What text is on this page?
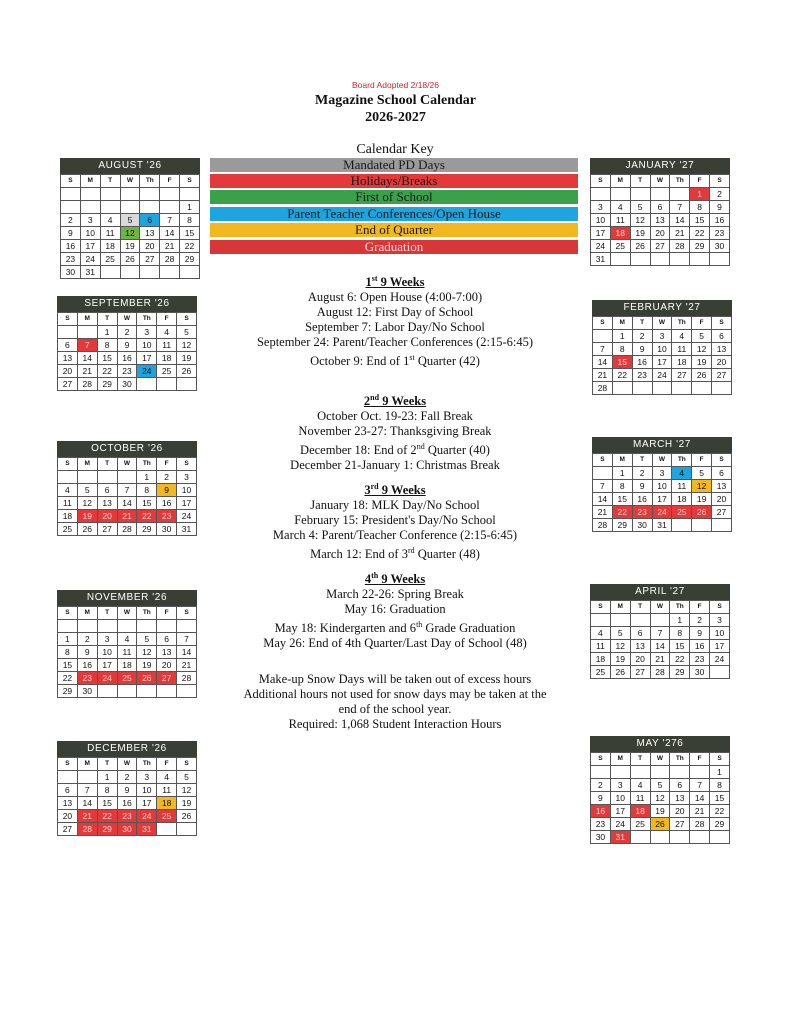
Board Adopted 2/18/26
Magazine School Calendar
2026-2027
Calendar Key
Mandated PD Days
Holidays/Breaks
First of School
Parent Teacher Conferences/Open House
End of Quarter
Graduation
AUGUST '26
S	M	T	W	Th	F	S

						1
2	3	4	5	6	7	8
9	10	11	12	13	14	15
16	17	18	19	20	21	22
23	24	25	26	27	28	29
30	31					
SEPTEMBER '26
S	M	T	W	Th	F	S
		1	2	3	4	5
6	7	8	9	10	11	12
13	14	15	16	17	18	19
20	21	22	23	24	25	26
27	28	29	30			
OCTOBER '26
S	M	T	W	Th	F	S
				1	2	3
4	5	6	7	8	9	10
11	12	13	14	15	16	17
18	19	20	21	22	23	24
25	26	27	28	29	30	31
NOVEMBER '26
S	M	T	W	Th	F	S

1	2	3	4	5	6	7
8	9	10	11	12	13	14
15	16	17	18	19	20	21
22	23	24	25	26	27	28
29	30					
DECEMBER '26
S	M	T	W	Th	F	S
		1	2	3	4	5
6	7	8	9	10	11	12
13	14	15	16	17	18	19
20	21	22	23	24	25	26
27	28	29	30	31		
JANUARY '27
S	M	T	W	Th	F	S
					1	2
3	4	5	6	7	8	9
10	11	12	13	14	15	16
17	18	19	20	21	22	23
24	25	26	27	28	29	30
31						
FEBRUARY '27
S	M	T	W	Th	F	S
	1	2	3	4	5	6
7	8	9	10	11	12	13
14	15	16	17	18	19	20
21	22	23	24	27	26	27
28						
MARCH '27
S	M	T	W	Th	F	S
	1	2	3	4	5	6
7	8	9	10	11	12	13
14	15	16	17	18	19	20
21	22	23	24	25	26	27
28	29	30	31			
APRIL '27
S	M	T	W	Th	F	S
				1	2	3
4	5	6	7	8	9	10
11	12	13	14	15	16	17
18	19	20	21	22	23	24
25	26	27	28	29	30	
MAY '276
S	M	T	W	Th	F	S
						1
2	3	4	5	6	7	8
9	10	11	12	13	14	15
16	17	18	19	20	21	22
23	24	25	26	27	28	29
30	31					
1st 9 Weeks
August 6: Open House (4:00-7:00)
August 12: First Day of School
September 7: Labor Day/No School
September 24: Parent/Teacher Conferences (2:15-6:45)
October 9: End of 1st Quarter (42)
2nd 9 Weeks
October Oct. 19-23: Fall Break
November 23-27: Thanksgiving Break
December 18: End of 2nd Quarter (40)
December 21-January 1: Christmas Break
3rd 9 Weeks
January 18: MLK Day/No School
February 15: President's Day/No School
March 4: Parent/Teacher Conference (2:15-6:45)
March 12: End of 3rd Quarter (48)
4th 9 Weeks
March 22-26: Spring Break
May 16: Graduation
May 18: Kindergarten and 6th Grade Graduation
May 26: End of 4th Quarter/Last Day of School (48)
Make-up Snow Days will be taken out of excess hours
Additional hours not used for snow days may be taken at the
end of the school year.
Required: 1,068 Student Interaction Hours
